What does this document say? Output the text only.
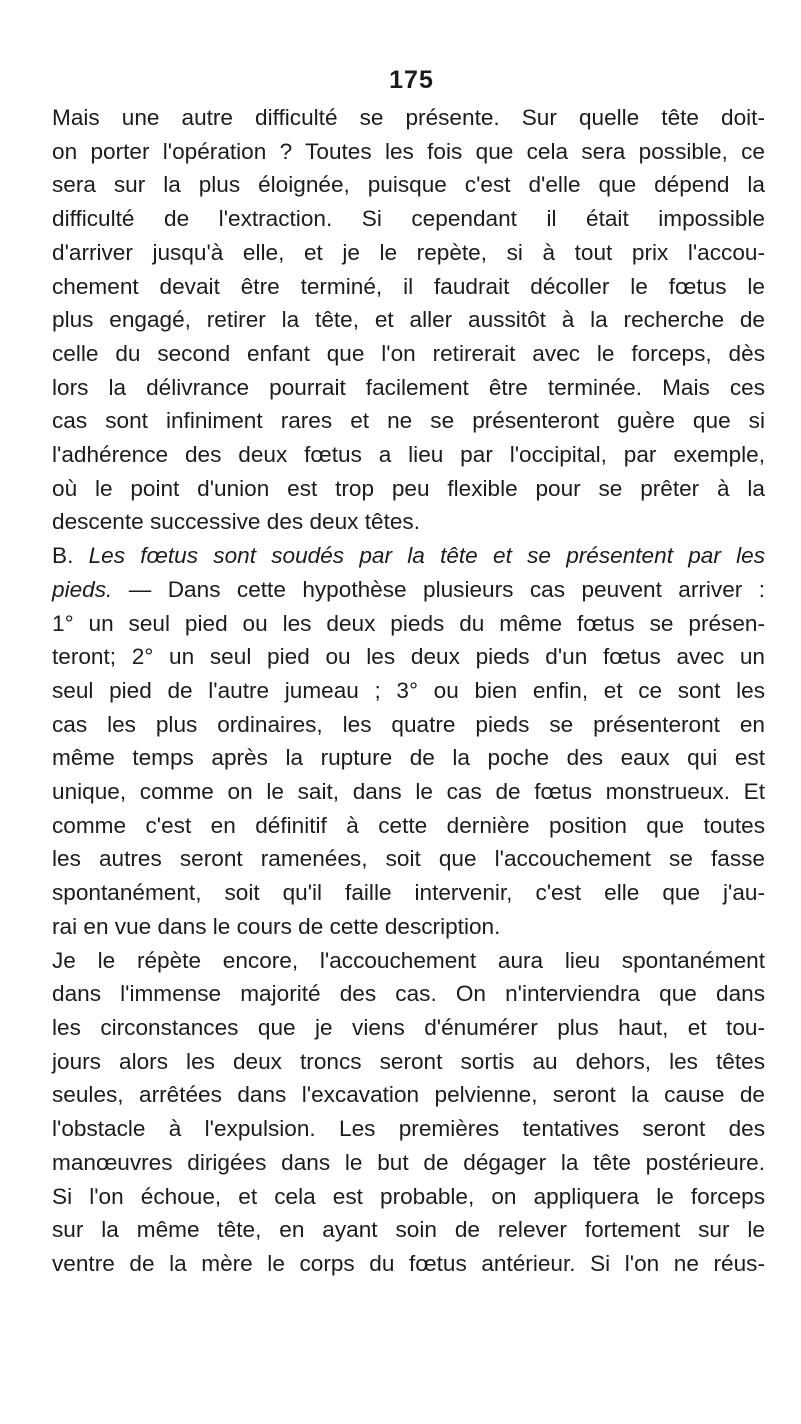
175

Mais une autre difficulté se présente. Sur quelle tête doit-
on porter l'opération ? Toutes les fois que cela sera possible, ce
sera sur la plus éloignée, puisque c'est d'elle que dépend la
difficulté de l'extraction. Si cependant il était impossible
d'arriver jusqu'à elle, et je le repète, si à tout prix l'accou-
chement devait être terminé, il faudrait décoller le fœtus le
plus engagé, retirer la tête, et aller aussitôt à la recherche de
celle du second enfant que l'on retirerait avec le forceps, dès
lors la délivrance pourrait facilement être terminée. Mais ces
cas sont infiniment rares et ne se présenteront guère que si
l'adhérence des deux fœtus a lieu par l'occipital, par exemple,
où le point d'union est trop peu flexible pour se prêter à la
descente successive des deux têtes.

B. Les fœtus sont soudés par la tête et se présentent par les
pieds. — Dans cette hypothèse plusieurs cas peuvent arriver :
1° un seul pied ou les deux pieds du même fœtus se présen-
teront; 2° un seul pied ou les deux pieds d'un fœtus avec un
seul pied de l'autre jumeau ; 3° ou bien enfin, et ce sont les
cas les plus ordinaires, les quatre pieds se présenteront en
même temps après la rupture de la poche des eaux qui est
unique, comme on le sait, dans le cas de fœtus monstrueux. Et
comme c'est en définitif à cette dernière position que toutes
les autres seront ramenées, soit que l'accouchement se fasse
spontanément, soit qu'il faille intervenir, c'est elle que j'au-
rai en vue dans le cours de cette description.

Je le répète encore, l'accouchement aura lieu spontanément
dans l'immense majorité des cas. On n'interviendra que dans
les circonstances que je viens d'énumérer plus haut, et tou-
jours alors les deux troncs seront sortis au dehors, les têtes
seules, arrêtées dans l'excavation pelvienne, seront la cause de
l'obstacle à l'expulsion. Les premières tentatives seront des
manœuvres dirigées dans le but de dégager la tête postérieure.
Si l'on échoue, et cela est probable, on appliquera le forceps
sur la même tête, en ayant soin de relever fortement sur le
ventre de la mère le corps du fœtus antérieur. Si l'on ne réus-
